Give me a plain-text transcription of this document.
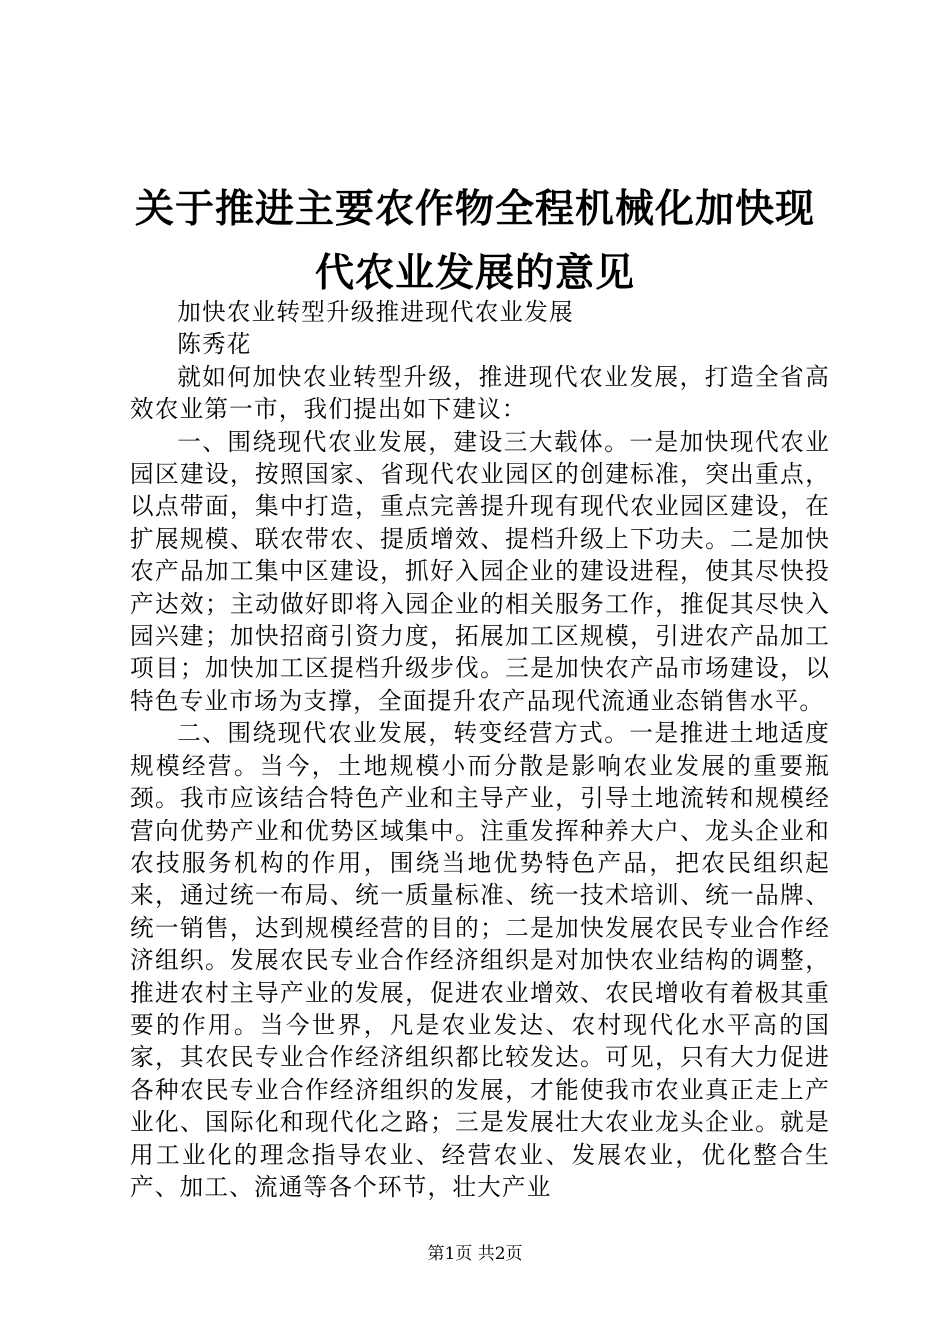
关于推进主要农作物全程机械化加快现代农业发展的意见

加快农业转型升级推进现代农业发展

陈秀花

就如何加快农业转型升级，推进现代农业发展，打造全省高效农业第一市，我们提出如下建议：

一、围绕现代农业发展，建设三大载体。一是加快现代农业园区建设，按照国家、省现代农业园区的创建标准，突出重点，以点带面，集中打造，重点完善提升现有现代农业园区建设，在扩展规模、联农带农、提质增效、提档升级上下功夫。二是加快农产品加工集中区建设，抓好入园企业的建设进程，使其尽快投产达效；主动做好即将入园企业的相关服务工作，推促其尽快入园兴建；加快招商引资力度，拓展加工区规模，引进农产品加工项目；加快加工区提档升级步伐。三是加快农产品市场建设，以特色专业市场为支撑，全面提升农产品现代流通业态销售水平。

二、围绕现代农业发展，转变经营方式。一是推进土地适度规模经营。当今，土地规模小而分散是影响农业发展的重要瓶颈。我市应该结合特色产业和主导产业，引导土地流转和规模经营向优势产业和优势区域集中。注重发挥种养大户、龙头企业和农技服务机构的作用，围绕当地优势特色产品，把农民组织起来，通过统一布局、统一质量标准、统一技术培训、统一品牌、统一销售，达到规模经营的目的；二是加快发展农民专业合作经济组织。发展农民专业合作经济组织是对加快农业结构的调整，推进农村主导产业的发展，促进农业增效、农民增收有着极其重要的作用。当今世界，凡是农业发达、农村现代化水平高的国家，其农民专业合作经济组织都比较发达。可见，只有大力促进各种农民专业合作经济组织的发展，才能使我市农业真正走上产业化、国际化和现代化之路；三是发展壮大农业龙头企业。就是用工业化的理念指导农业、经营农业、发展农业，优化整合生产、加工、流通等各个环节，壮大产业

第1页 共2页
